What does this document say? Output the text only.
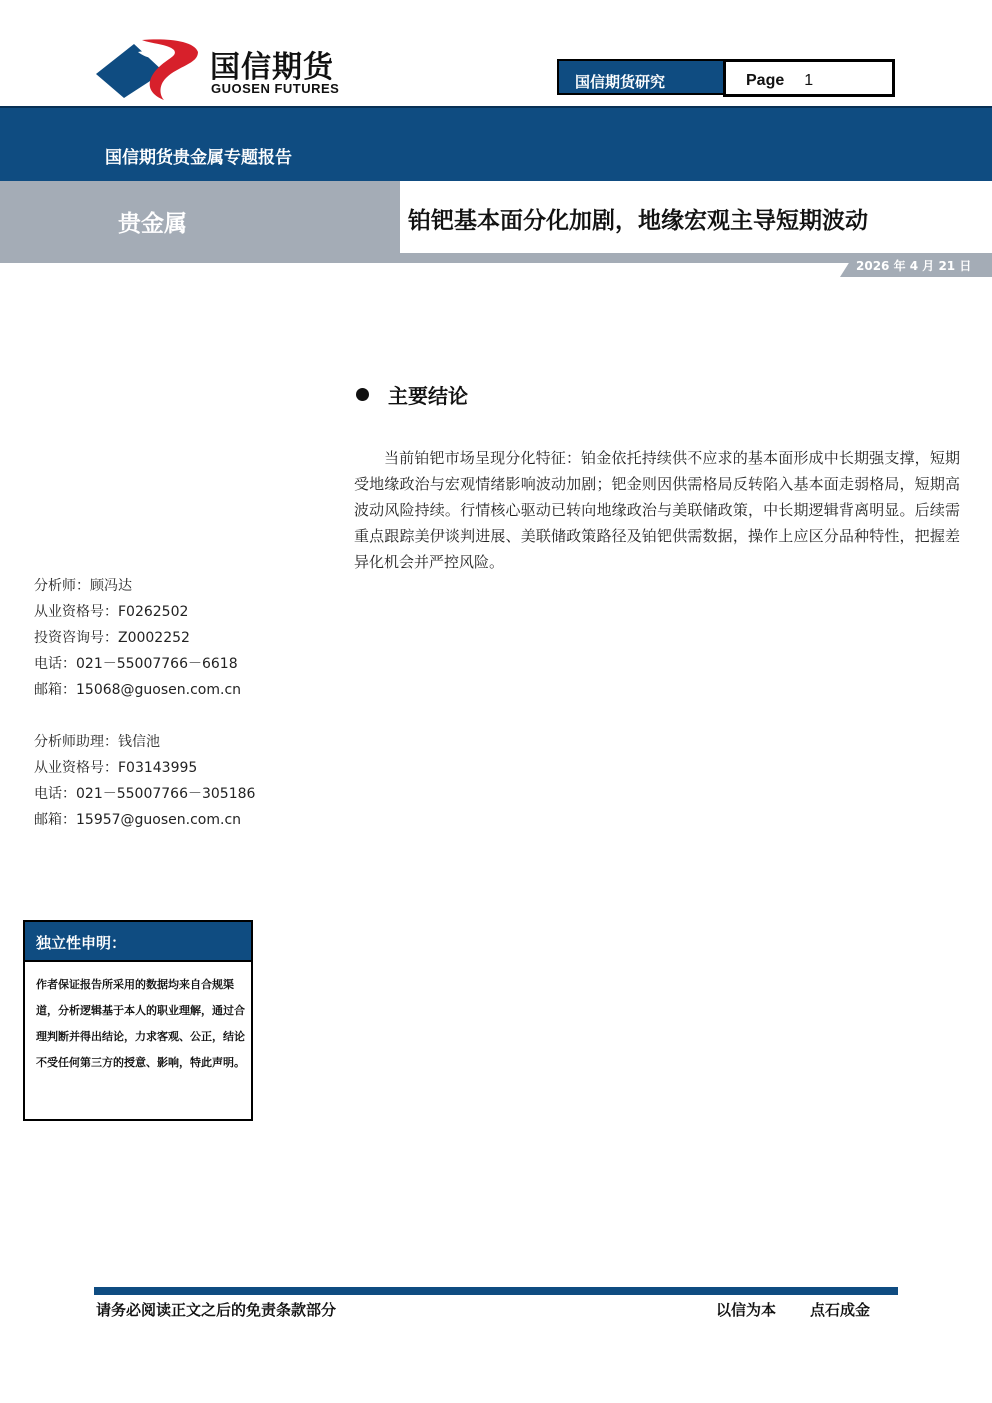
国信期货
GUOSEN FUTURES	国信期货研究	Page 1
国信期货贵金属专题报告
贵金属	铂钯基本面分化加剧，地缘宏观主导短期波动
2026 年 4 月 21 日
主要结论
当前铂钯市场呈现分化特征：铂金依托持续供不应求的基本面形成中长期强支撑，短期受地缘政治与宏观情绪影响波动加剧；钯金则因供需格局反转陷入基本面走弱格局，短期高波动风险持续。行情核心驱动已转向地缘政治与美联储政策，中长期逻辑背离明显。后续需重点跟踪美伊谈判进展、美联储政策路径及铂钯供需数据，操作上应区分品种特性，把握差异化机会并严控风险。
分析师：顾冯达
从业资格号：F0262502
投资咨询号：Z0002252
电话：021－55007766－6618
邮箱：15068@guosen.com.cn
分析师助理：钱信池
从业资格号：F03143995
电话：021－55007766－305186
邮箱：15957@guosen.com.cn
独立性申明：
作者保证报告所采用的数据均来自合规渠道，分析逻辑基于本人的职业理解，通过合理判断并得出结论，力求客观、公正，结论不受任何第三方的授意、影响，特此声明。
请务必阅读正文之后的免责条款部分	以信为本 点石成金
